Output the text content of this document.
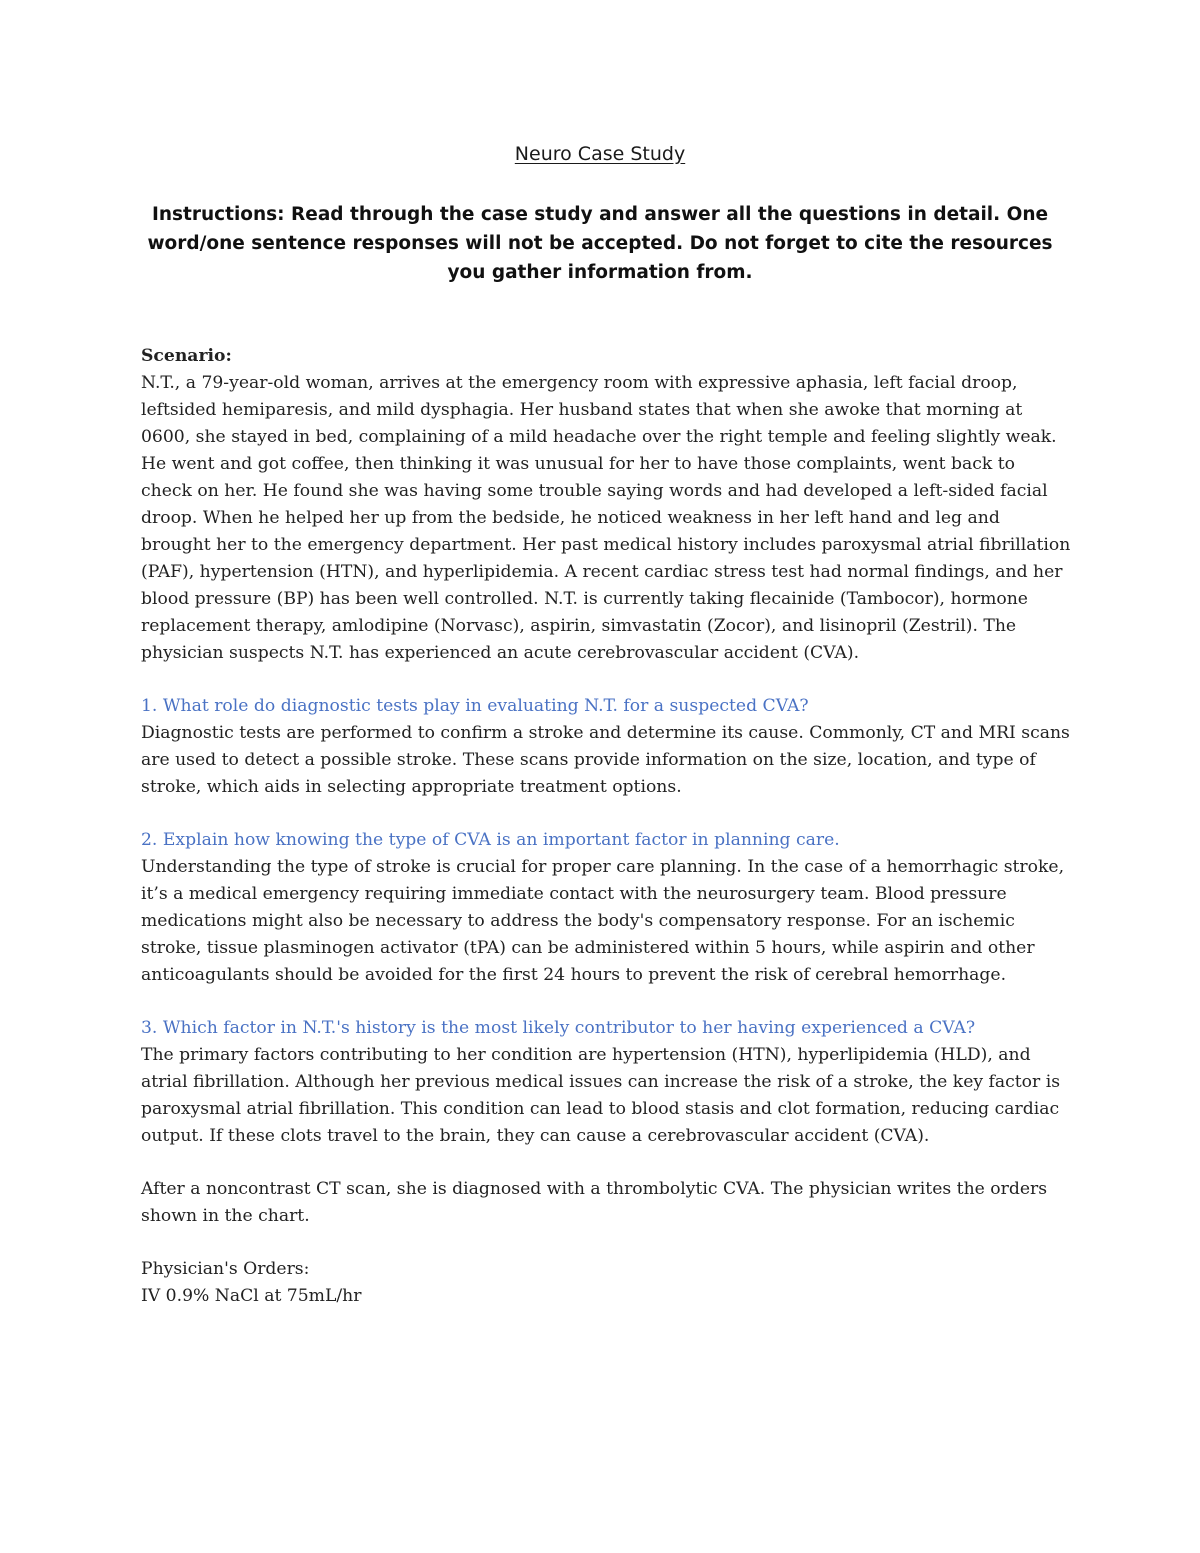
Neuro Case Study

Instructions: Read through the case study and answer all the questions in detail. One word/one sentence responses will not be accepted. Do not forget to cite the resources you gather information from.

Scenario:

N.T., a 79-year-old woman, arrives at the emergency room with expressive aphasia, left facial droop, leftsided hemiparesis, and mild dysphagia. Her husband states that when she awoke that morning at 0600, she stayed in bed, complaining of a mild headache over the right temple and feeling slightly weak. He went and got coffee, then thinking it was unusual for her to have those complaints, went back to check on her. He found she was having some trouble saying words and had developed a left-sided facial droop. When he helped her up from the bedside, he noticed weakness in her left hand and leg and brought her to the emergency department. Her past medical history includes paroxysmal atrial fibrillation (PAF), hypertension (HTN), and hyperlipidemia. A recent cardiac stress test had normal findings, and her blood pressure (BP) has been well controlled. N.T. is currently taking flecainide (Tambocor), hormone replacement therapy, amlodipine (Norvasc), aspirin, simvastatin (Zocor), and lisinopril (Zestril). The physician suspects N.T. has experienced an acute cerebrovascular accident (CVA).

1. What role do diagnostic tests play in evaluating N.T. for a suspected CVA?

Diagnostic tests are performed to confirm a stroke and determine its cause. Commonly, CT and MRI scans are used to detect a possible stroke. These scans provide information on the size, location, and type of stroke, which aids in selecting appropriate treatment options.

2. Explain how knowing the type of CVA is an important factor in planning care.

Understanding the type of stroke is crucial for proper care planning. In the case of a hemorrhagic stroke, it’s a medical emergency requiring immediate contact with the neurosurgery team. Blood pressure medications might also be necessary to address the body's compensatory response. For an ischemic stroke, tissue plasminogen activator (tPA) can be administered within 5 hours, while aspirin and other anticoagulants should be avoided for the first 24 hours to prevent the risk of cerebral hemorrhage.

3. Which factor in N.T.'s history is the most likely contributor to her having experienced a CVA?

The primary factors contributing to her condition are hypertension (HTN), hyperlipidemia (HLD), and atrial fibrillation. Although her previous medical issues can increase the risk of a stroke, the key factor is paroxysmal atrial fibrillation. This condition can lead to blood stasis and clot formation, reducing cardiac output. If these clots travel to the brain, they can cause a cerebrovascular accident (CVA).

After a noncontrast CT scan, she is diagnosed with a thrombolytic CVA. The physician writes the orders shown in the chart.

Physician's Orders:

IV 0.9% NaCl at 75mL/hr
